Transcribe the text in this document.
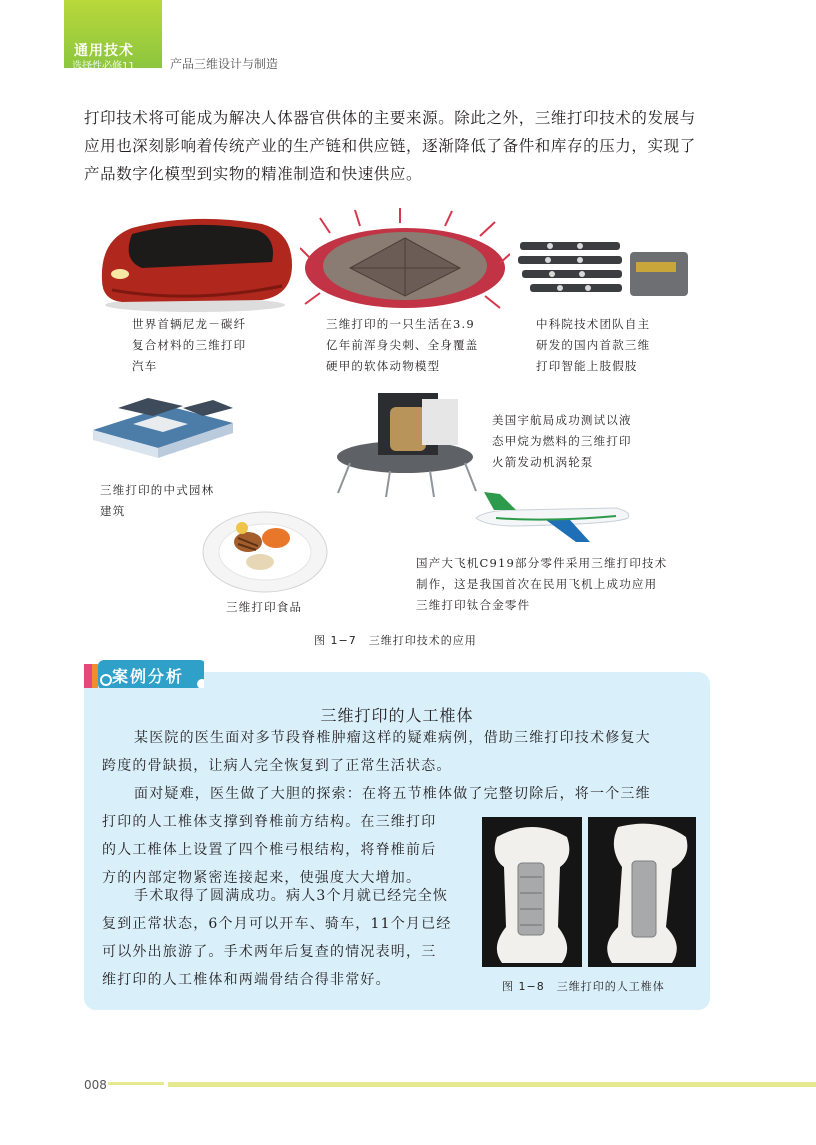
通用技术
选择性必修11	产品三维设计与制造
打印技术将可能成为解决人体器官供体的主要来源。除此之外，三维打印技术的发展与
应用也深刻影响着传统产业的生产链和供应链，逐渐降低了备件和库存的压力，实现了
产品数字化模型到实物的精准制造和快速供应。
世界首辆尼龙－碳纤
复合材料的三维打印
汽车
三维打印的一只生活在3.9
亿年前浑身尖刺、全身覆盖
硬甲的软体动物模型
中科院技术团队自主
研发的国内首款三维
打印智能上肢假肢
美国宇航局成功测试以液
态甲烷为燃料的三维打印
火箭发动机涡轮泵
三维打印的中式园林
建筑
国产大飞机C919部分零件采用三维打印技术
制作，这是我国首次在民用飞机上成功应用
三维打印钛合金零件
三维打印食品
图 1−7　三维打印技术的应用
案例分析
三维打印的人工椎体
某医院的医生面对多节段脊椎肿瘤这样的疑难病例，借助三维打印技术修复大
跨度的骨缺损，让病人完全恢复到了正常生活状态。
面对疑难，医生做了大胆的探索：在将五节椎体做了完整切除后，将一个三维
打印的人工椎体支撑到脊椎前方结构。在三维打印
的人工椎体上设置了四个椎弓根结构，将脊椎前后
方的内部定物紧密连接起来，使强度大大增加。
手术取得了圆满成功。病人3个月就已经完全恢
复到正常状态，6个月可以开车、骑车，11个月已经
可以外出旅游了。手术两年后复查的情况表明，三
维打印的人工椎体和两端骨结合得非常好。	图 1−8　三维打印的人工椎体
008
